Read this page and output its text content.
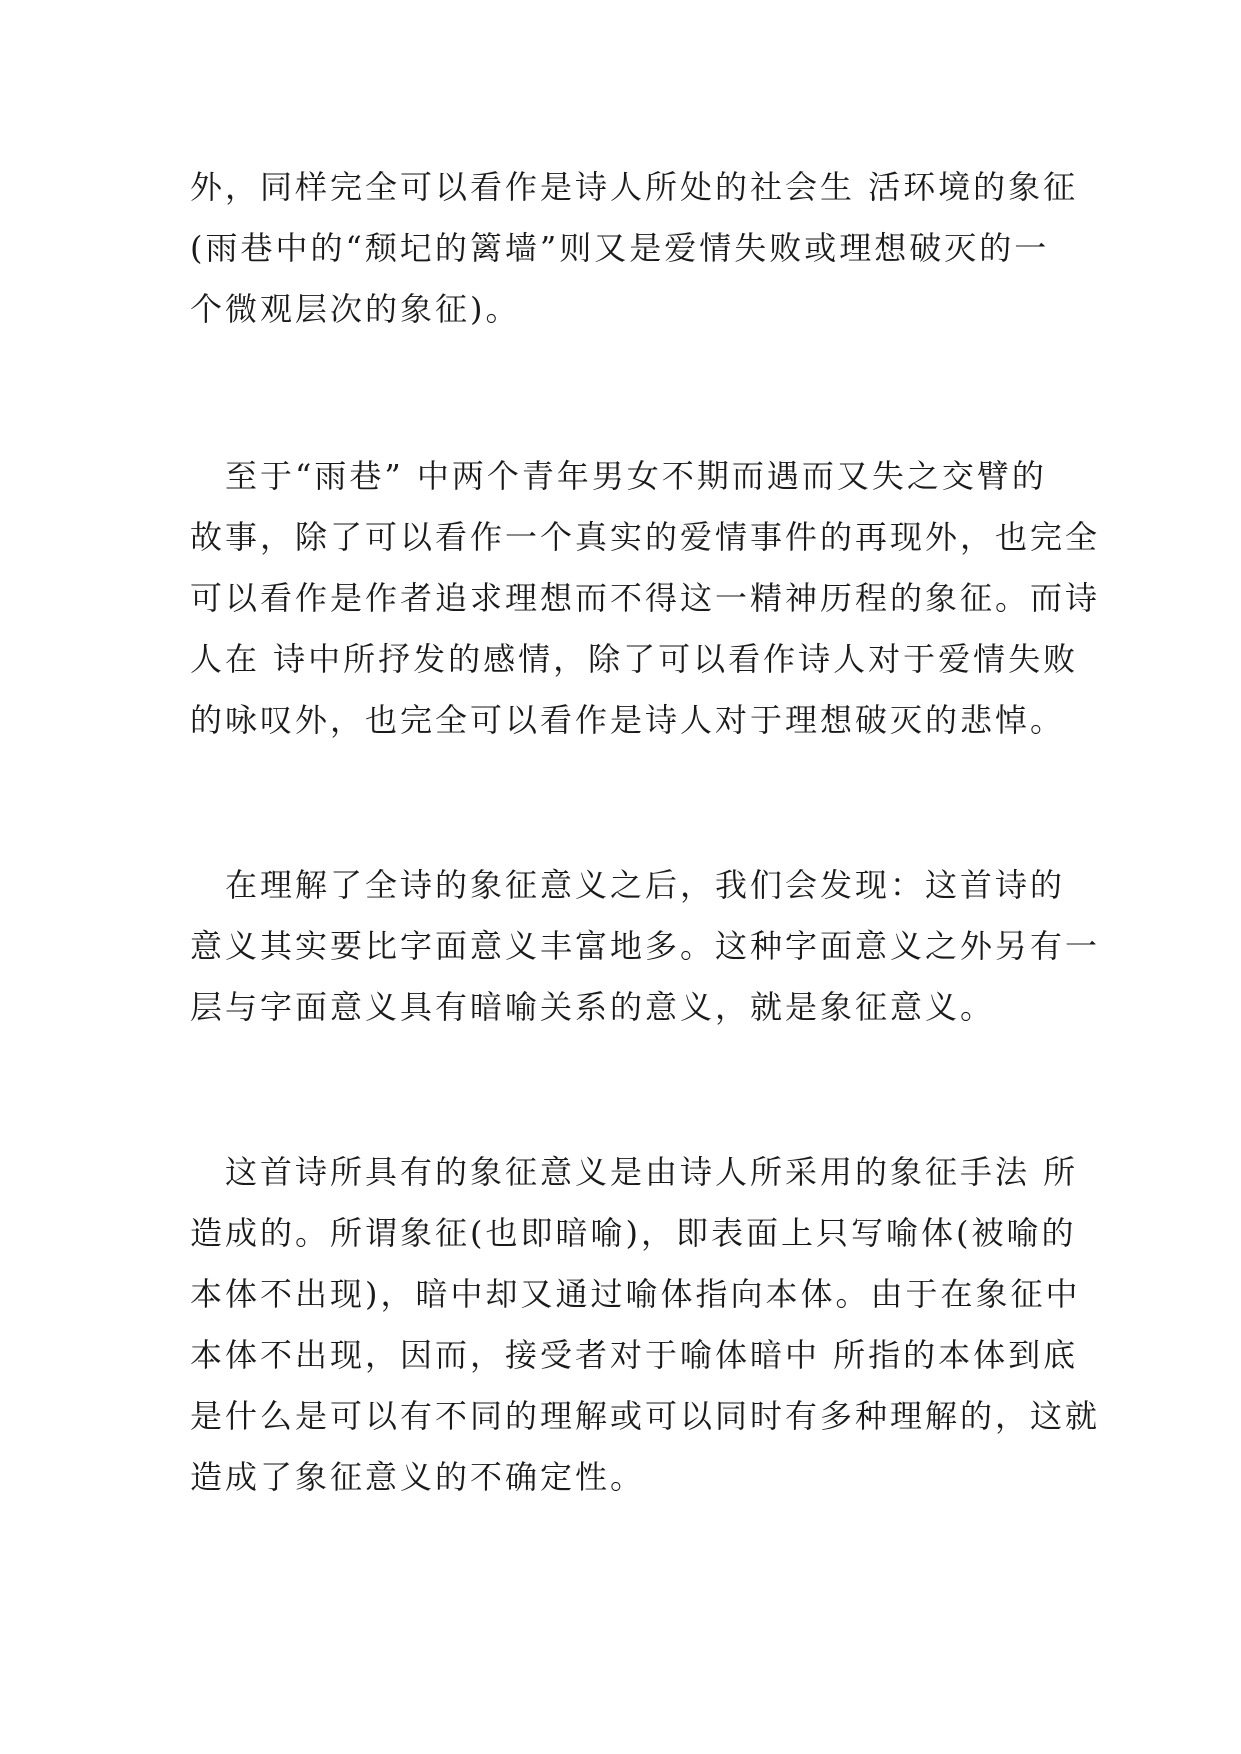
外，同样完全可以看作是诗人所处的社会生 活环境的象征
(雨巷中的“颓圮的篱墙”则又是爱情失败或理想破灭的一
个微观层次的象征)。

　至于“雨巷” 中两个青年男女不期而遇而又失之交臂的
故事，除了可以看作一个真实的爱情事件的再现外，也完全
可以看作是作者追求理想而不得这一精神历程的象征。而诗
人在 诗中所抒发的感情，除了可以看作诗人对于爱情失败
的咏叹外，也完全可以看作是诗人对于理想破灭的悲悼。

　在理解了全诗的象征意义之后，我们会发现：这首诗的
意义其实要比字面意义丰富地多。这种字面意义之外另有一
层与字面意义具有暗喻关系的意义，就是象征意义。

　这首诗所具有的象征意义是由诗人所采用的象征手法 所
造成的。所谓象征(也即暗喻)，即表面上只写喻体(被喻的
本体不出现)，暗中却又通过喻体指向本体。由于在象征中
本体不出现，因而，接受者对于喻体暗中 所指的本体到底
是什么是可以有不同的理解或可以同时有多种理解的，这就
造成了象征意义的不确定性。
